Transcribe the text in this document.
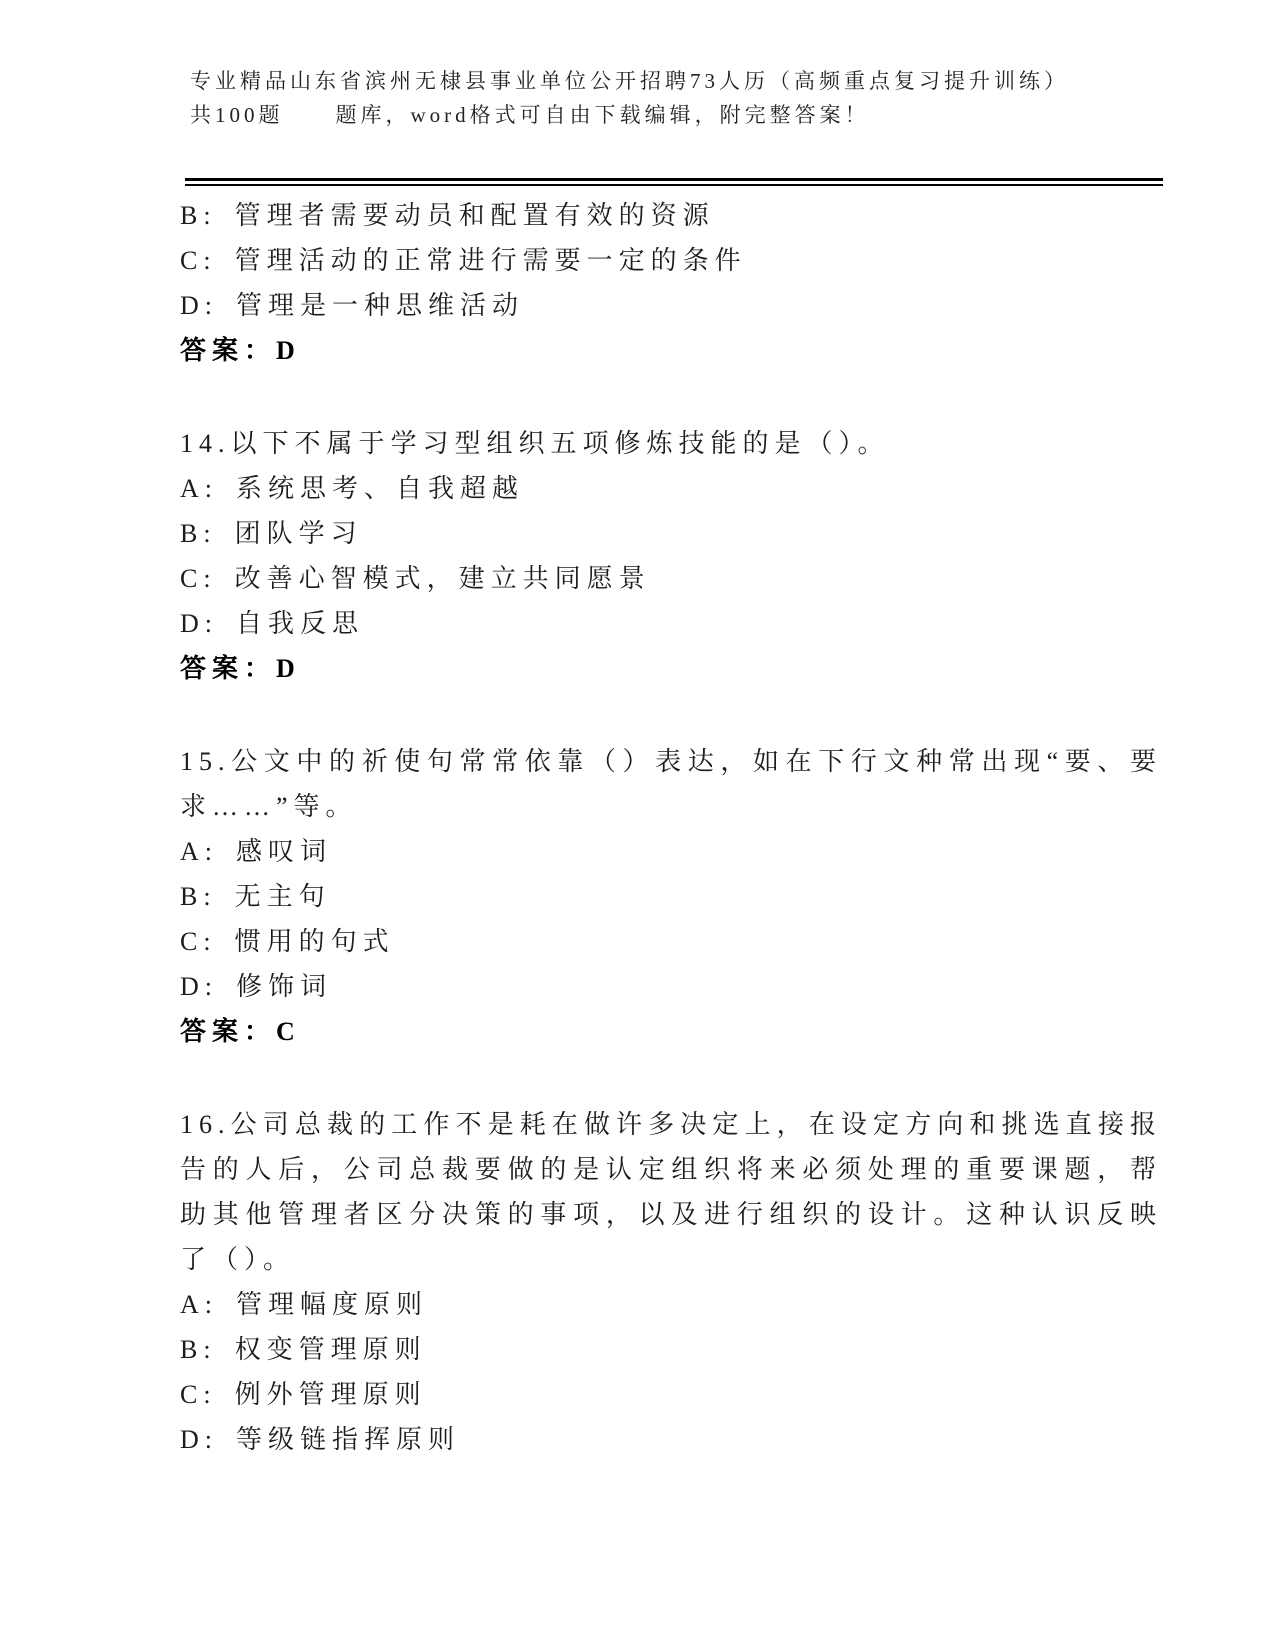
专业精品山东省滨州无棣县事业单位公开招聘73人历（高频重点复习提升训练）
共100题 题库，word格式可自由下载编辑，附完整答案！
B: 管理者需要动员和配置有效的资源
C: 管理活动的正常进行需要一定的条件
D: 管理是一种思维活动
答案：D
14.以下不属于学习型组织五项修炼技能的是（）。
A: 系统思考、自我超越
B: 团队学习
C: 改善心智模式，建立共同愿景
D: 自我反思
答案：D
15.公文中的祈使句常常依靠（）表达，如在下行文种常出现“要、要
求……”等。
A: 感叹词
B: 无主句
C: 惯用的句式
D: 修饰词
答案：C
16.公司总裁的工作不是耗在做许多决定上，在设定方向和挑选直接报
告的人后，公司总裁要做的是认定组织将来必须处理的重要课题，帮
助其他管理者区分决策的事项，以及进行组织的设计。这种认识反映
了（）。
A: 管理幅度原则
B: 权变管理原则
C: 例外管理原则
D: 等级链指挥原则
